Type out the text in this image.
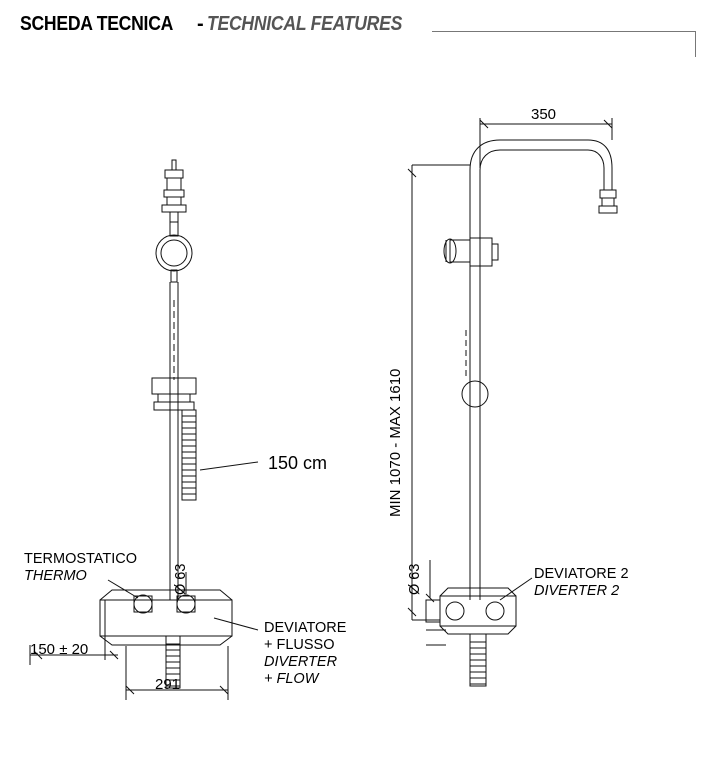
SCHEDA TECNICA - TECHNICAL FEATURES
150 cm
TERMOSTATICO
THERMO	Ø 63
DEVIATORE
+ FLUSSO
DIVERTER
+ FLOW
150 ± 20
291
350
MIN 1070 - MAX 1610
Ø 63	DEVIATORE 2
DIVERTER 2
